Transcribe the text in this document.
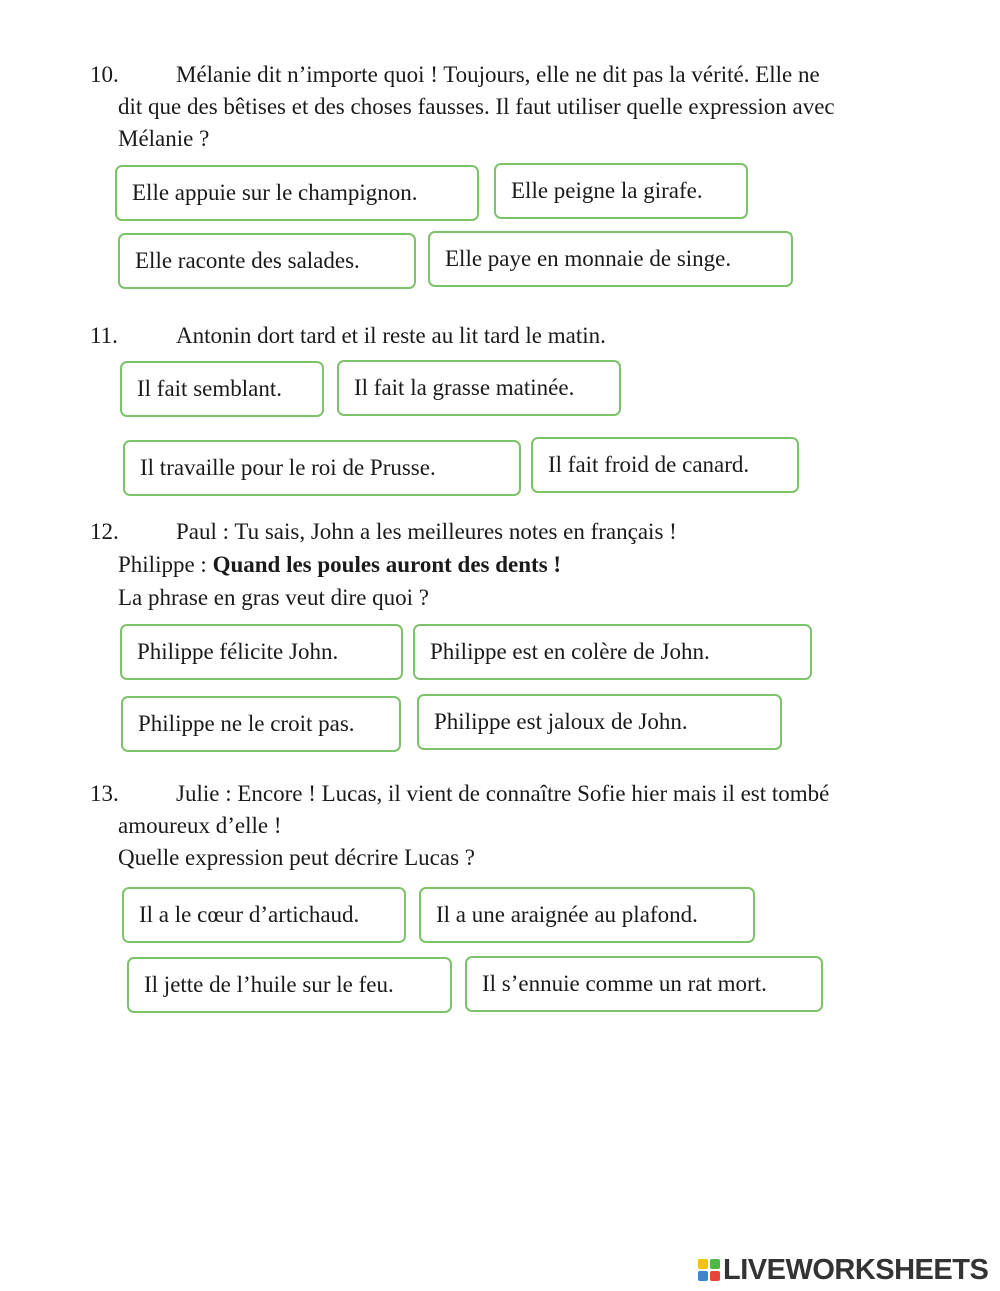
10. Mélanie dit n’importe quoi ! Toujours, elle ne dit pas la vérité. Elle ne
dit que des bêtises et des choses fausses. Il faut utiliser quelle expression avec
Mélanie ?
Elle appuie sur le champignon.	Elle peigne la girafe.
Elle raconte des salades.	Elle paye en monnaie de singe.
11.	Antonin dort tard et il reste au lit tard le matin.
Il fait semblant.	Il fait la grasse matinée.
Il travaille pour le roi de Prusse.	Il fait froid de canard.
12. Paul : Tu sais, John a les meilleures notes en français !
Philippe : Quand les poules auront des dents !
La phrase en gras veut dire quoi ?
Philippe félicite John.	Philippe est en colère de John.
Philippe ne le croit pas.	Philippe est jaloux de John.
13. Julie : Encore ! Lucas, il vient de connaître Sofie hier mais il est tombé
amoureux d’elle !
Quelle expression peut décrire Lucas ?
Il a le cœur d’artichaud.	Il a une araignée au plafond.
Il jette de l’huile sur le feu.	Il s’ennuie comme un rat mort.
LIVEWORKSHEETS
